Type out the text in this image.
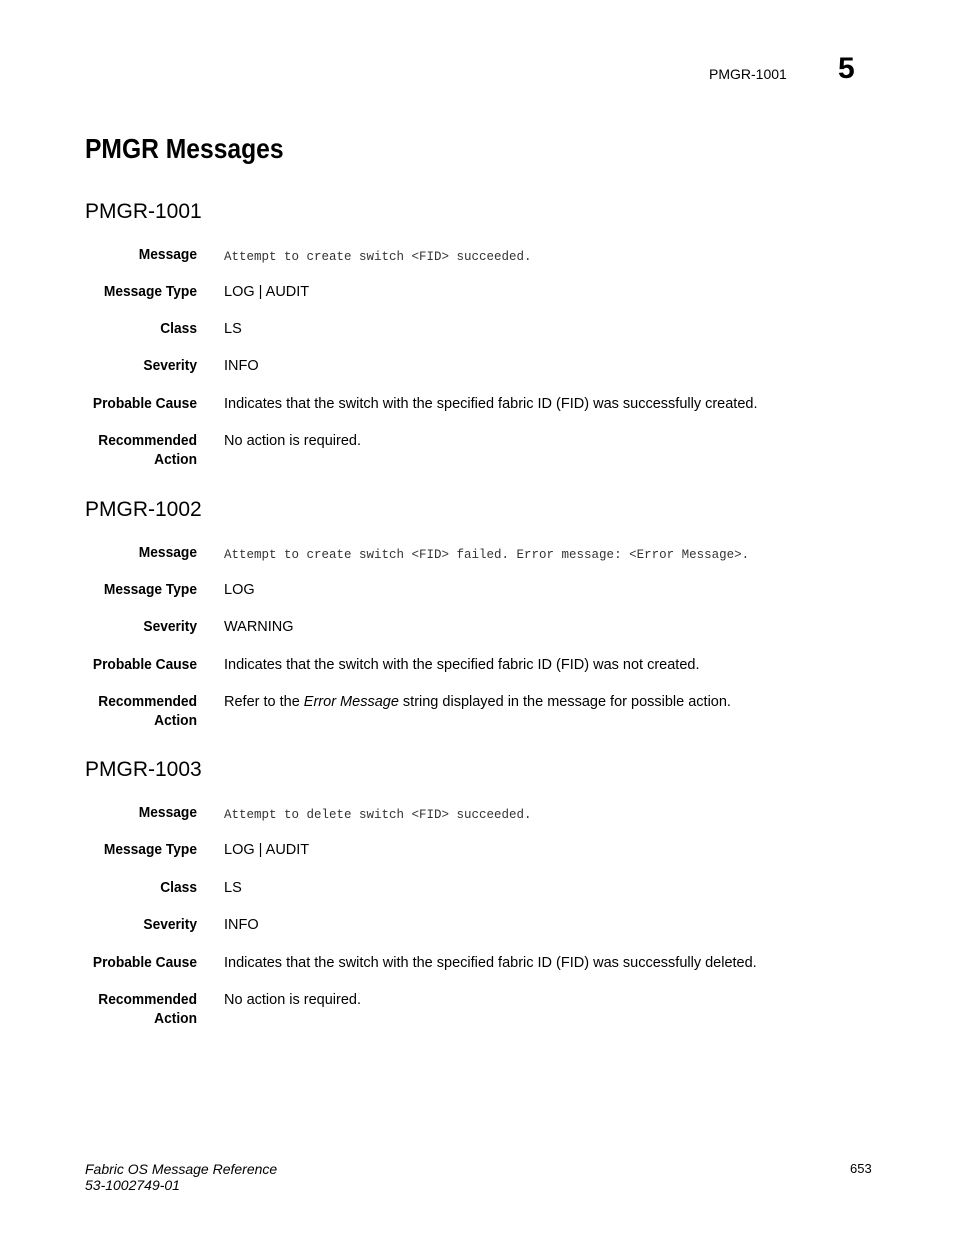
PMGR-1001 5
PMGR Messages
PMGR-1001
Message Attempt to create switch <FID> succeeded.
Message Type LOG | AUDIT
Class LS
Severity INFO
Probable Cause Indicates that the switch with the specified fabric ID (FID) was successfully created.
Recommended
Action
No action is required.
PMGR-1002
Message Attempt to create switch <FID> failed. Error message: <Error Message>.
Message Type LOG
Severity WARNING
Probable Cause Indicates that the switch with the specified fabric ID (FID) was not created.
Recommended
Action
Refer to the Error Message string displayed in the message for possible action.
PMGR-1003
Message Attempt to delete switch <FID> succeeded.
Message Type LOG | AUDIT
Class LS
Severity INFO
Probable Cause Indicates that the switch with the specified fabric ID (FID) was successfully deleted.
Recommended
Action
No action is required.
Fabric OS Message Reference
53-1002749-01
653
